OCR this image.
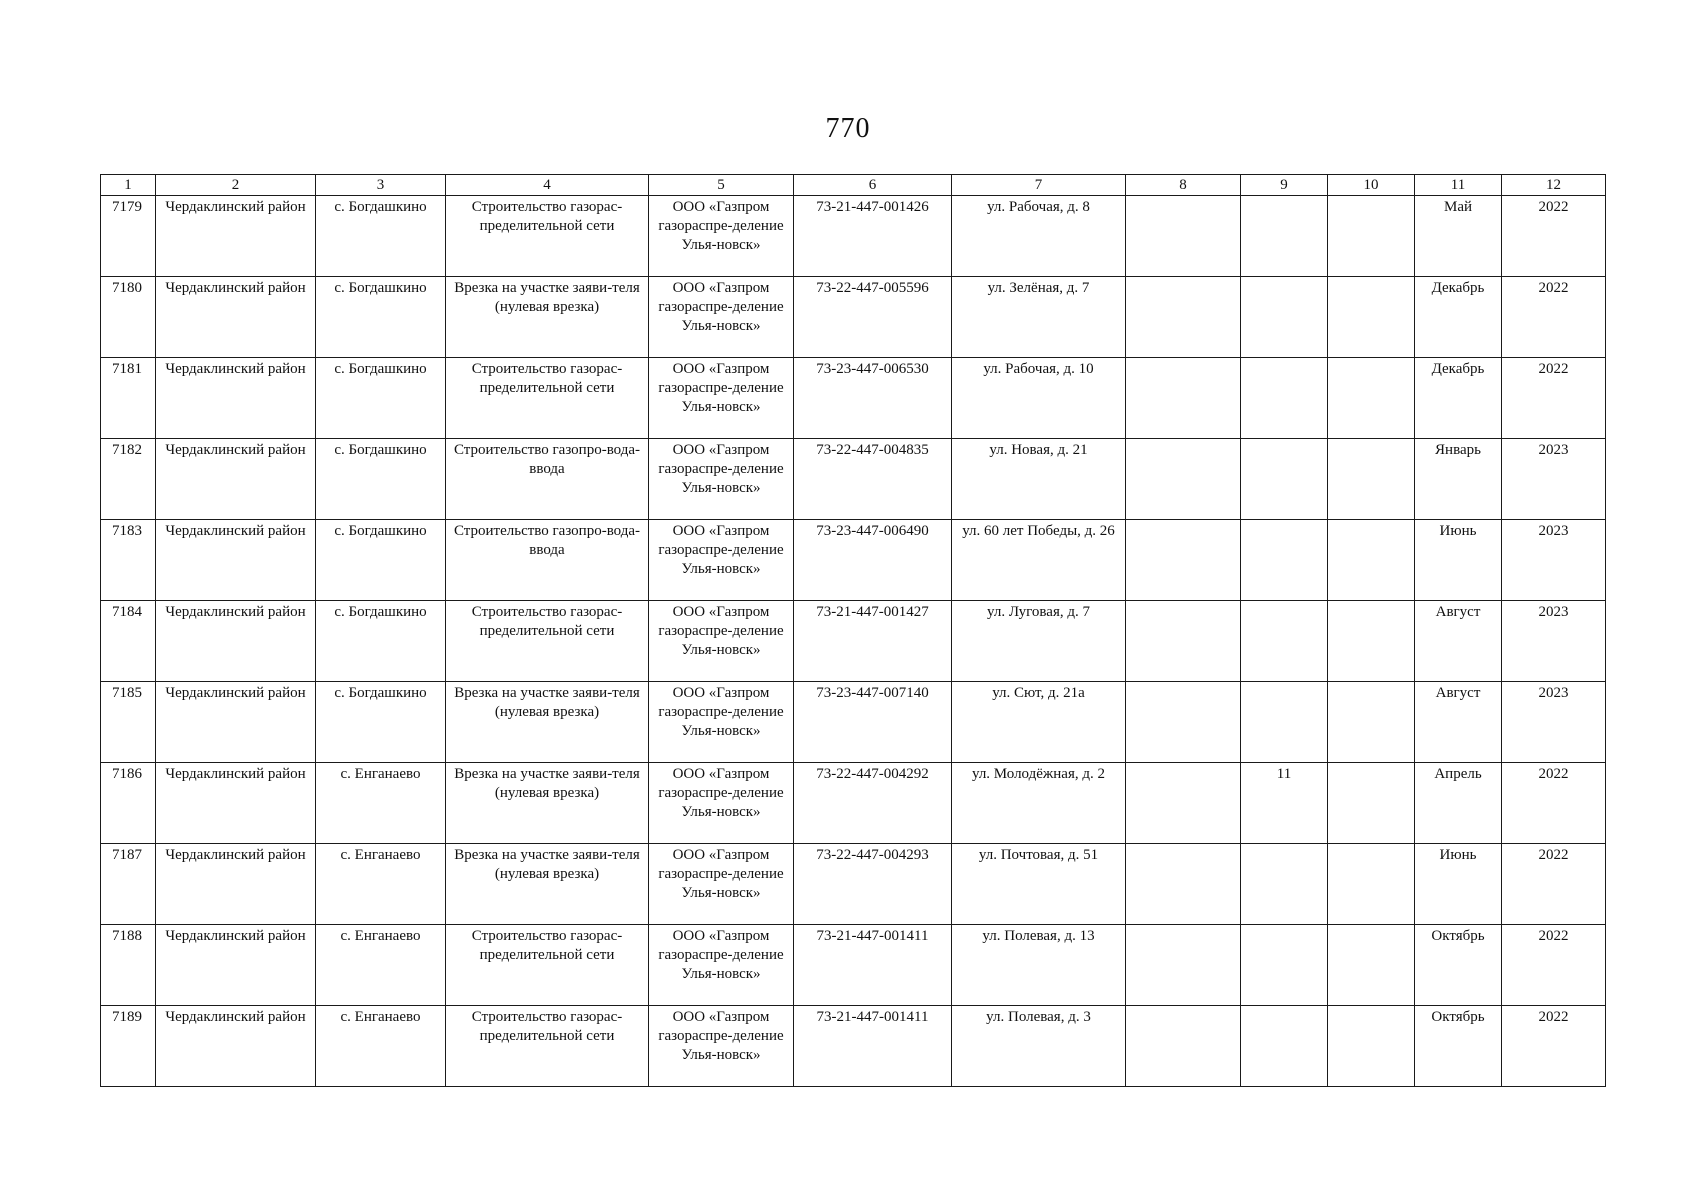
770
1	2	3	4	5	6	7	8	9	10	11	12
7179	Чердаклинский район	с. Богдашкино	Строительство газорас-пределительной сети	ООО «Газпром газораспре-деление Улья-новск»	73-21-447-001426	ул. Рабочая, д. 8				Май	2022
7180	Чердаклинский район	с. Богдашкино	Врезка на участке заяви-теля (нулевая врезка)	ООО «Газпром газораспре-деление Улья-новск»	73-22-447-005596	ул. Зелёная, д. 7				Декабрь	2022
7181	Чердаклинский район	с. Богдашкино	Строительство газорас-пределительной сети	ООО «Газпром газораспре-деление Улья-новск»	73-23-447-006530	ул. Рабочая, д. 10				Декабрь	2022
7182	Чердаклинский район	с. Богдашкино	Строительство газопро-вода-ввода	ООО «Газпром газораспре-деление Улья-новск»	73-22-447-004835	ул. Новая, д. 21				Январь	2023
7183	Чердаклинский район	с. Богдашкино	Строительство газопро-вода-ввода	ООО «Газпром газораспре-деление Улья-новск»	73-23-447-006490	ул. 60 лет Победы, д. 26				Июнь	2023
7184	Чердаклинский район	с. Богдашкино	Строительство газорас-пределительной сети	ООО «Газпром газораспре-деление Улья-новск»	73-21-447-001427	ул. Луговая, д. 7				Август	2023
7185	Чердаклинский район	с. Богдашкино	Врезка на участке заяви-теля (нулевая врезка)	ООО «Газпром газораспре-деление Улья-новск»	73-23-447-007140	ул. Сют, д. 21а				Август	2023
7186	Чердаклинский район	с. Енганаево	Врезка на участке заяви-теля (нулевая врезка)	ООО «Газпром газораспре-деление Улья-новск»	73-22-447-004292	ул. Молодёжная, д. 2		11		Апрель	2022
7187	Чердаклинский район	с. Енганаево	Врезка на участке заяви-теля (нулевая врезка)	ООО «Газпром газораспре-деление Улья-новск»	73-22-447-004293	ул. Почтовая, д. 51				Июнь	2022
7188	Чердаклинский район	с. Енганаево	Строительство газорас-пределительной сети	ООО «Газпром газораспре-деление Улья-новск»	73-21-447-001411	ул. Полевая, д. 13				Октябрь	2022
7189	Чердаклинский район	с. Енганаево	Строительство газорас-пределительной сети	ООО «Газпром газораспре-деление Улья-новск»	73-21-447-001411	ул. Полевая, д. 3				Октябрь	2022
